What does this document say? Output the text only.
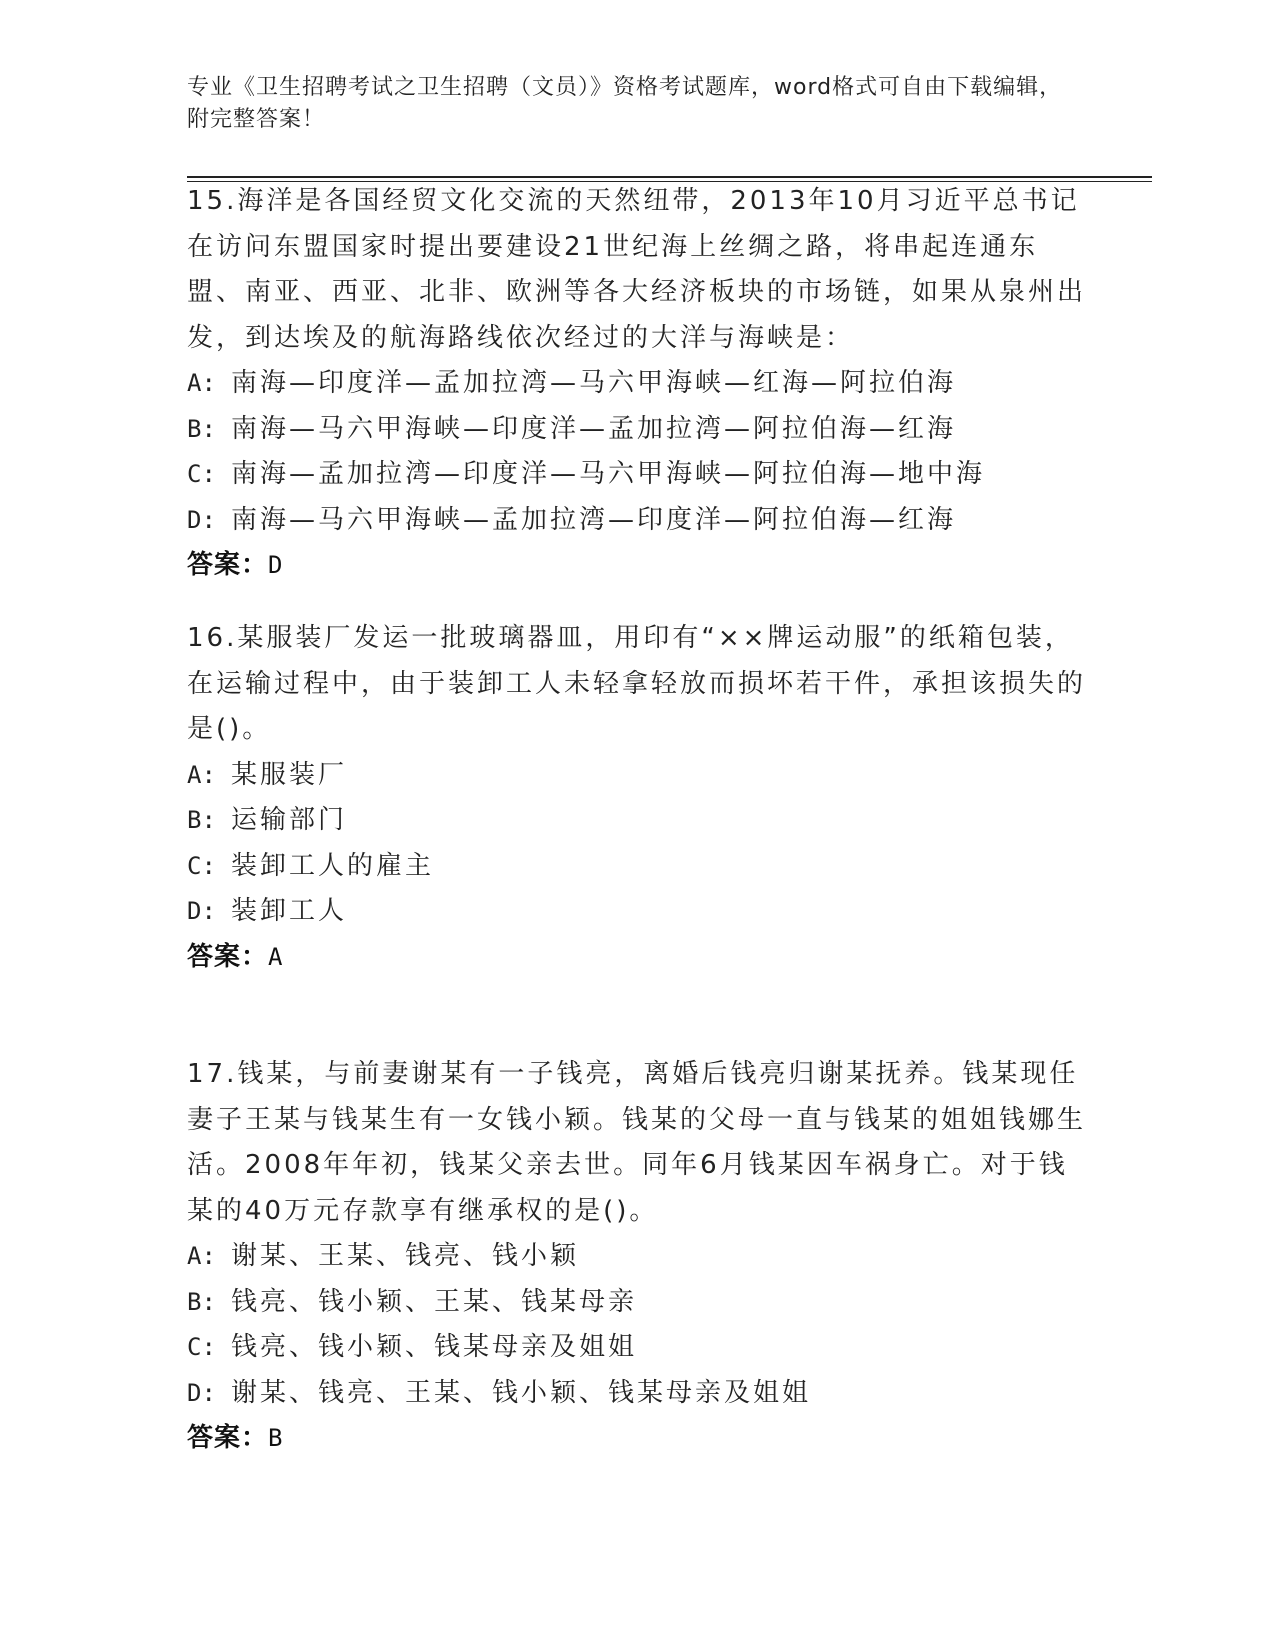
专业《卫生招聘考试之卫生招聘（文员）》资格考试题库，word格式可自由下载编辑，附完整答案！

15.海洋是各国经贸文化交流的天然纽带，2013年10月习近平总书记在访问东盟国家时提出要建设21世纪海上丝绸之路，将串起连通东盟、南亚、西亚、北非、欧洲等各大经济板块的市场链，如果从泉州出发，到达埃及的航海路线依次经过的大洋与海峡是：

A: 南海—印度洋—孟加拉湾—马六甲海峡—红海—阿拉伯海

B: 南海—马六甲海峡—印度洋—孟加拉湾—阿拉伯海—红海

C: 南海—孟加拉湾—印度洋—马六甲海峡—阿拉伯海—地中海

D: 南海—马六甲海峡—孟加拉湾—印度洋—阿拉伯海—红海

答案：D

16.某服装厂发运一批玻璃器皿，用印有“××牌运动服”的纸箱包装，在运输过程中，由于装卸工人未轻拿轻放而损坏若干件，承担该损失的是()。

A: 某服装厂

B: 运输部门

C: 装卸工人的雇主

D: 装卸工人

答案：A

17.钱某，与前妻谢某有一子钱亮，离婚后钱亮归谢某抚养。钱某现任妻子王某与钱某生有一女钱小颖。钱某的父母一直与钱某的姐姐钱娜生活。2008年年初，钱某父亲去世。同年6月钱某因车祸身亡。对于钱某的40万元存款享有继承权的是()。

A: 谢某、王某、钱亮、钱小颖

B: 钱亮、钱小颖、王某、钱某母亲

C: 钱亮、钱小颖、钱某母亲及姐姐

D: 谢某、钱亮、王某、钱小颖、钱某母亲及姐姐

答案：B
